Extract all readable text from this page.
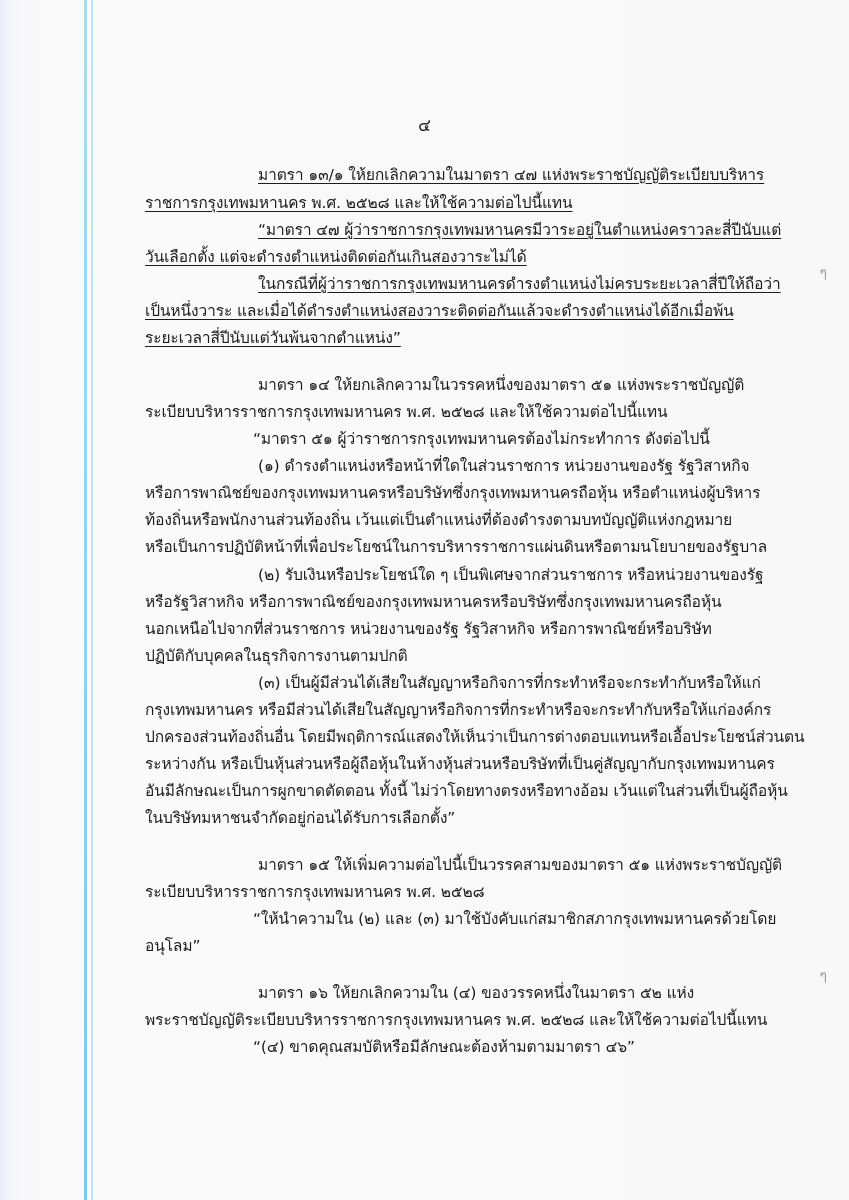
ๆ
ๆ
๔

มาตรา ๑๓/๑ ให้ยกเลิกความในมาตรา ๔๗ แห่งพระราชบัญญัติระเบียบบริหาร

ราชการกรุงเทพมหานคร พ.ศ. ๒๕๒๘ และให้ใช้ความต่อไปนี้แทน

“มาตรา ๔๗ ผู้ว่าราชการกรุงเทพมหานครมีวาระอยู่ในตำแหน่งคราวละสี่ปีนับแต่

วันเลือกตั้ง แต่จะดำรงตำแหน่งติดต่อกันเกินสองวาระไม่ได้

ในกรณีที่ผู้ว่าราชการกรุงเทพมหานครดำรงตำแหน่งไม่ครบระยะเวลาสี่ปีให้ถือว่า

เป็นหนึ่งวาระ และเมื่อได้ดำรงตำแหน่งสองวาระติดต่อกันแล้วจะดำรงตำแหน่งได้อีกเมื่อพ้น

ระยะเวลาสี่ปีนับแต่วันพ้นจากตำแหน่ง”

มาตรา ๑๔ ให้ยกเลิกความในวรรคหนึ่งของมาตรา ๕๑ แห่งพระราชบัญญัติ

ระเบียบบริหารราชการกรุงเทพมหานคร พ.ศ. ๒๕๒๘ และให้ใช้ความต่อไปนี้แทน

“มาตรา ๕๑ ผู้ว่าราชการกรุงเทพมหานครต้องไม่กระทำการ ดังต่อไปนี้

(๑) ดำรงตำแหน่งหรือหน้าที่ใดในส่วนราชการ หน่วยงานของรัฐ รัฐวิสาหกิจ

หรือการพาณิชย์ของกรุงเทพมหานครหรือบริษัทซึ่งกรุงเทพมหานครถือหุ้น หรือตำแหน่งผู้บริหาร

ท้องถิ่นหรือพนักงานส่วนท้องถิ่น เว้นแต่เป็นตำแหน่งที่ต้องดำรงตามบทบัญญัติแห่งกฎหมาย

หรือเป็นการปฏิบัติหน้าที่เพื่อประโยชน์ในการบริหารราชการแผ่นดินหรือตามนโยบายของรัฐบาล

(๒) รับเงินหรือประโยชน์ใด ๆ เป็นพิเศษจากส่วนราชการ หรือหน่วยงานของรัฐ

หรือรัฐวิสาหกิจ หรือการพาณิชย์ของกรุงเทพมหานครหรือบริษัทซึ่งกรุงเทพมหานครถือหุ้น

นอกเหนือไปจากที่ส่วนราชการ หน่วยงานของรัฐ รัฐวิสาหกิจ หรือการพาณิชย์หรือบริษัท

ปฏิบัติกับบุคคลในธุรกิจการงานตามปกติ

(๓) เป็นผู้มีส่วนได้เสียในสัญญาหรือกิจการที่กระทำหรือจะกระทำกับหรือให้แก่

กรุงเทพมหานคร หรือมีส่วนได้เสียในสัญญาหรือกิจการที่กระทำหรือจะกระทำกับหรือให้แก่องค์กร

ปกครองส่วนท้องถิ่นอื่น โดยมีพฤติการณ์แสดงให้เห็นว่าเป็นการต่างตอบแทนหรือเอื้อประโยชน์ส่วนตน

ระหว่างกัน หรือเป็นหุ้นส่วนหรือผู้ถือหุ้นในห้างหุ้นส่วนหรือบริษัทที่เป็นคู่สัญญากับกรุงเทพมหานคร

อันมีลักษณะเป็นการผูกขาดตัดตอน ทั้งนี้ ไม่ว่าโดยทางตรงหรือทางอ้อม เว้นแต่ในส่วนที่เป็นผู้ถือหุ้น

ในบริษัทมหาชนจำกัดอยู่ก่อนได้รับการเลือกตั้ง”

มาตรา ๑๕ ให้เพิ่มความต่อไปนี้เป็นวรรคสามของมาตรา ๕๑ แห่งพระราชบัญญัติ

ระเบียบบริหารราชการกรุงเทพมหานคร พ.ศ. ๒๕๒๘

“ให้นำความใน (๒) และ (๓) มาใช้บังคับแก่สมาชิกสภากรุงเทพมหานครด้วยโดย

อนุโลม”

มาตรา ๑๖ ให้ยกเลิกความใน (๔) ของวรรคหนึ่งในมาตรา ๕๒ แห่ง

พระราชบัญญัติระเบียบบริหารราชการกรุงเทพมหานคร พ.ศ. ๒๕๒๘ และให้ใช้ความต่อไปนี้แทน

“(๔) ขาดคุณสมบัติหรือมีลักษณะต้องห้ามตามมาตรา ๔๖”
